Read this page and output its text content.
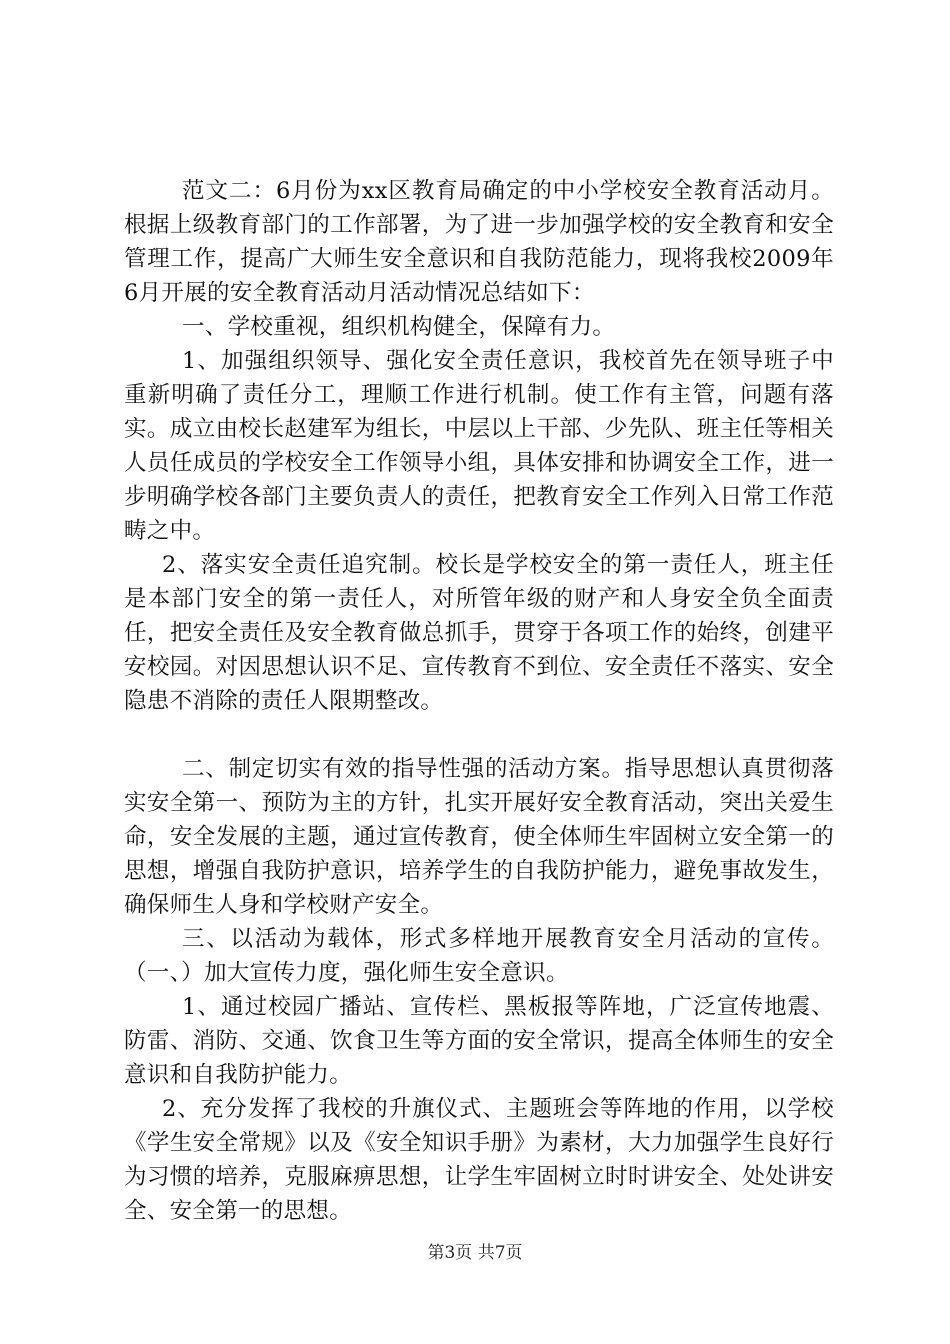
范文二：6月份为xx区教育局确定的中小学校安全教育活动月。根据上级教育部门的工作部署，为了进一步加强学校的安全教育和安全管理工作，提高广大师生安全意识和自我防范能力，现将我校2009年6月开展的安全教育活动月活动情况总结如下：

一、学校重视，组织机构健全，保障有力。

1、加强组织领导、强化安全责任意识，我校首先在领导班子中重新明确了责任分工，理顺工作进行机制。使工作有主管，问题有落实。成立由校长赵建军为组长，中层以上干部、少先队、班主任等相关人员任成员的学校安全工作领导小组，具体安排和协调安全工作，进一步明确学校各部门主要负责人的责任，把教育安全工作列入日常工作范畴之中。

2、落实安全责任追究制。校长是学校安全的第一责任人，班主任是本部门安全的第一责任人，对所管年级的财产和人身安全负全面责任，把安全责任及安全教育做总抓手，贯穿于各项工作的始终，创建平安校园。对因思想认识不足、宣传教育不到位、安全责任不落实、安全隐患不消除的责任人限期整改。

二、制定切实有效的指导性强的活动方案。指导思想认真贯彻落实安全第一、预防为主的方针，扎实开展好安全教育活动，突出关爱生命，安全发展的主题，通过宣传教育，使全体师生牢固树立安全第一的思想，增强自我防护意识，培养学生的自我防护能力，避免事故发生，确保师生人身和学校财产安全。

三、以活动为载体，形式多样地开展教育安全月活动的宣传。（一、）加大宣传力度，强化师生安全意识。

1、通过校园广播站、宣传栏、黑板报等阵地，广泛宣传地震、防雷、消防、交通、饮食卫生等方面的安全常识，提高全体师生的安全意识和自我防护能力。

2、充分发挥了我校的升旗仪式、主题班会等阵地的作用，以学校《学生安全常规》以及《安全知识手册》为素材，大力加强学生良好行为习惯的培养，克服麻痹思想，让学生牢固树立时时讲安全、处处讲安全、安全第一的思想。

第3页 共7页
